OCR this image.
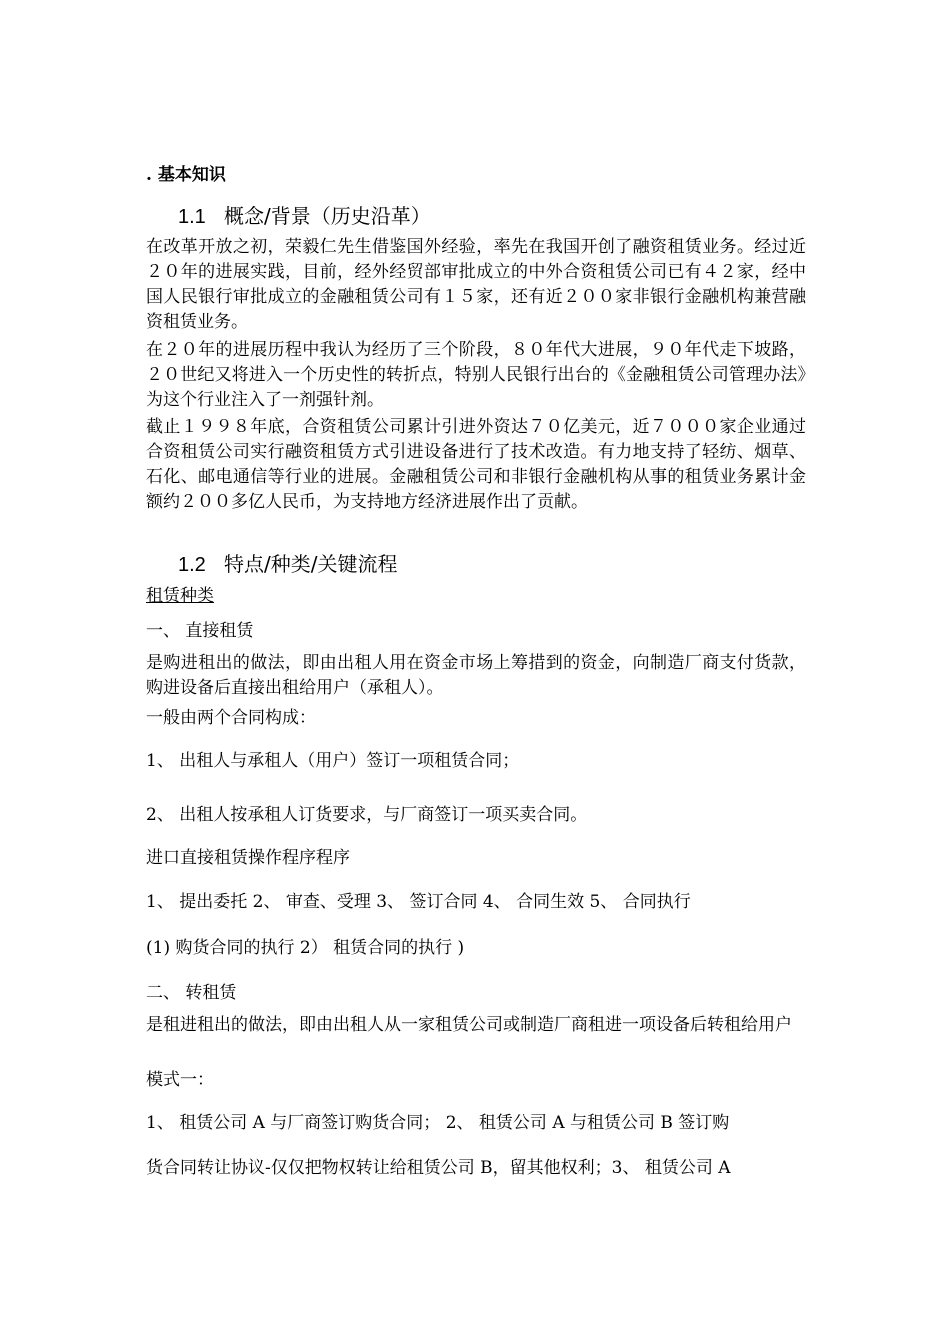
. 基本知识
1.1 概念/背景（历史沿革）
在改革开放之初，荣毅仁先生借鉴国外经验，率先在我国开创了融资租赁业务。经过近２０年的进展实践，目前，经外经贸部审批成立的中外合资租赁公司已有４２家，经中国人民银行审批成立的金融租赁公司有１５家，还有近２００家非银行金融机构兼营融资租赁业务。
在２０年的进展历程中我认为经历了三个阶段，８０年代大进展，９０年代走下坡路，２０世纪又将进入一个历史性的转折点，特别人民银行出台的《金融租赁公司管理办法》为这个行业注入了一剂强针剂。
截止１９９８年底，合资租赁公司累计引进外资达７０亿美元，近７０００家企业通过合资租赁公司实行融资租赁方式引进设备进行了技术改造。有力地支持了轻纺、烟草、石化、邮电通信等行业的进展。金融租赁公司和非银行金融机构从事的租赁业务累计金额约２００多亿人民币，为支持地方经济进展作出了贡献。
1.2 特点/种类/关键流程
租赁种类
一、 直接租赁
是购进租出的做法，即由出租人用在资金市场上筹措到的资金，向制造厂商支付货款，购进设备后直接出租给用户（承租人）。
一般由两个合同构成：
1、 出租人与承租人（用户）签订一项租赁合同；
2、 出租人按承租人订货要求，与厂商签订一项买卖合同。
进口直接租赁操作程序程序
1、 提出委托 2、 审查、受理 3、 签订合同 4、 合同生效 5、 合同执行
(1) 购货合同的执行 2） 租赁合同的执行 )
二、 转租赁
是租进租出的做法，即由出租人从一家租赁公司或制造厂商租进一项设备后转租给用户
模式一：
1、 租赁公司 A 与厂商签订购货合同； 2、 租赁公司 A 与租赁公司 B 签订购
货合同转让协议-仅仅把物权转让给租赁公司 B，留其他权利；3、 租赁公司 A
